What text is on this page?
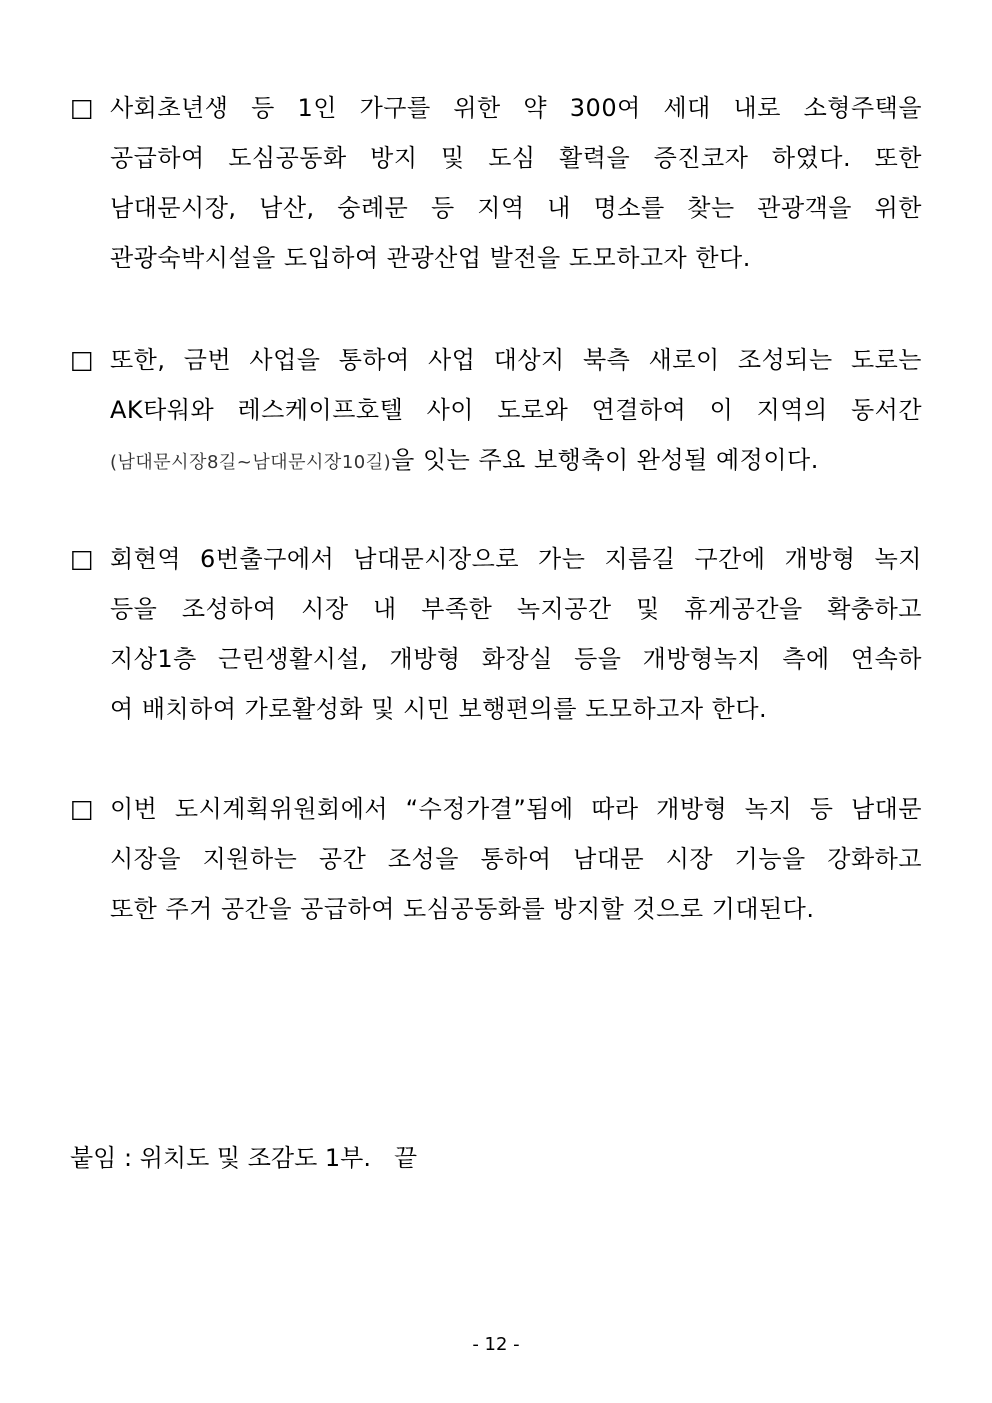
□ 사회초년생 등 1인 가구를 위한 약 300여 세대 내로 소형주택을
공급하여 도심공동화 방지 및 도심 활력을 증진코자 하였다. 또한
남대문시장, 남산, 숭례문 등 지역 내 명소를 찾는 관광객을 위한
관광숙박시설을 도입하여 관광산업 발전을 도모하고자 한다.
□ 또한, 금번 사업을 통하여 사업 대상지 북측 새로이 조성되는 도로는
AK타워와 레스케이프호텔 사이 도로와 연결하여 이 지역의 동서간
(남대문시장8길~남대문시장10길)을 잇는 주요 보행축이 완성될 예정이다.
□ 회현역 6번출구에서 남대문시장으로 가는 지름길 구간에 개방형 녹지
등을 조성하여 시장 내 부족한 녹지공간 및 휴게공간을 확충하고
지상1층 근린생활시설, 개방형 화장실 등을 개방형녹지 측에 연속하
여 배치하여 가로활성화 및 시민 보행편의를 도모하고자 한다.
□ 이번 도시계획위원회에서 “수정가결”됨에 따라 개방형 녹지 등 남대문
시장을 지원하는 공간 조성을 통하여 남대문 시장 기능을 강화하고
또한 주거 공간을 공급하여 도심공동화를 방지할 것으로 기대된다.
붙임 : 위치도 및 조감도 1부.   끝
- 12 -
